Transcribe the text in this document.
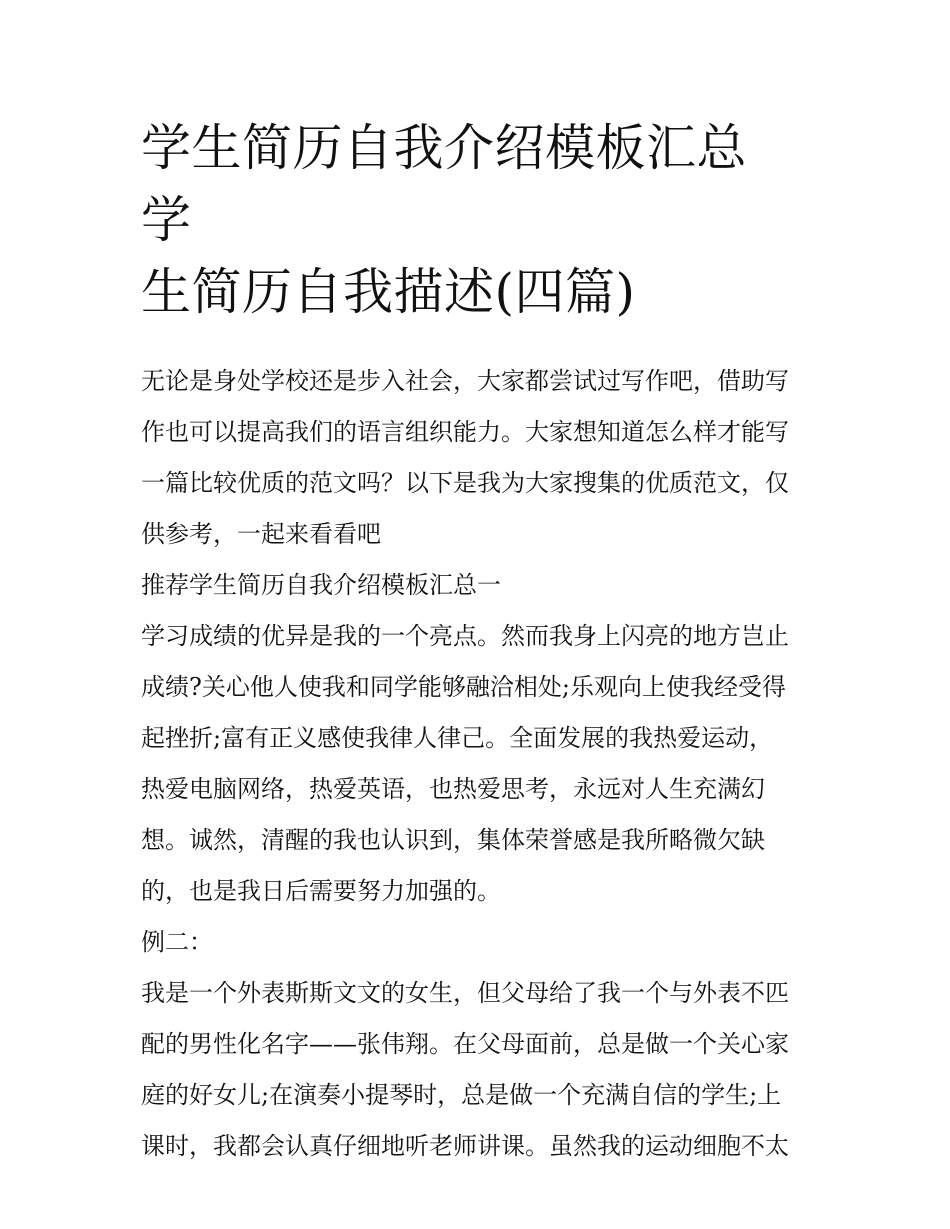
学生简历自我介绍模板汇总 学
生简历自我描述(四篇)

无论是身处学校还是步入社会，大家都尝试过写作吧，借助写
作也可以提高我们的语言组织能力。大家想知道怎么样才能写
一篇比较优质的范文吗？以下是我为大家搜集的优质范文，仅
供参考，一起来看看吧

推荐学生简历自我介绍模板汇总一

学习成绩的优异是我的一个亮点。然而我身上闪亮的地方岂止
成绩?关心他人使我和同学能够融洽相处;乐观向上使我经受得
起挫折;富有正义感使我律人律己。全面发展的我热爱运动，
热爱电脑网络，热爱英语，也热爱思考，永远对人生充满幻
想。诚然，清醒的我也认识到，集体荣誉感是我所略微欠缺
的，也是我日后需要努力加强的。

例二：

我是一个外表斯斯文文的女生，但父母给了我一个与外表不匹
配的男性化名字——张伟翔。在父母面前，总是做一个关心家
庭的好女儿;在演奏小提琴时，总是做一个充满自信的学生;上
课时，我都会认真仔细地听老师讲课。虽然我的运动细胞不太
